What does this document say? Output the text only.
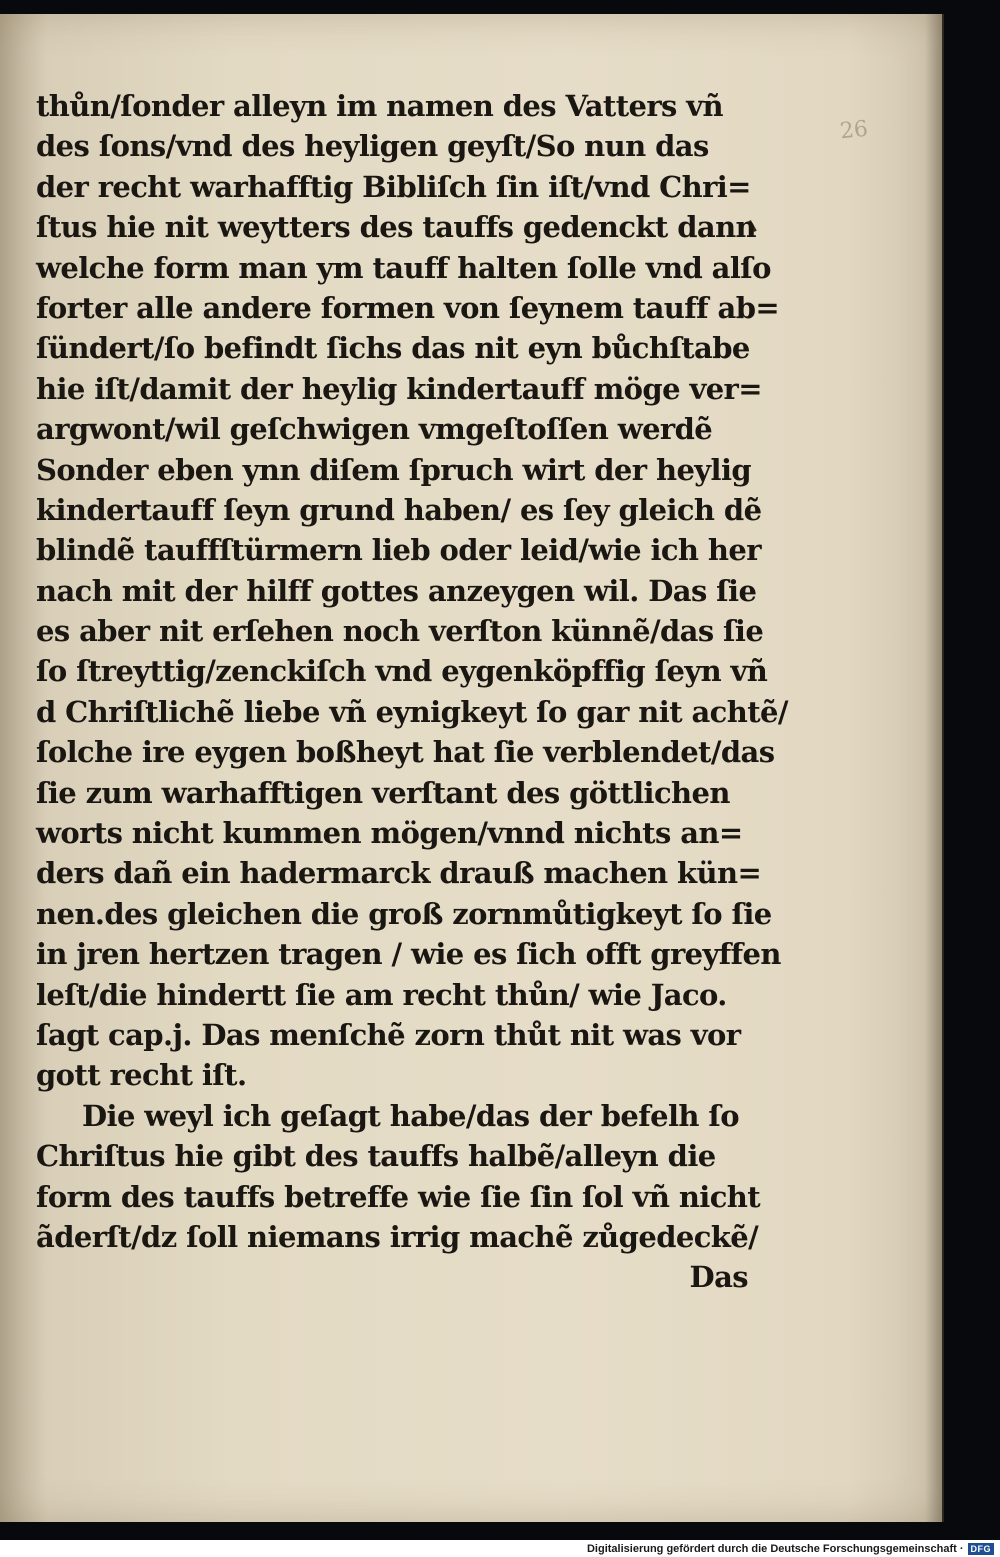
26
thůn/ſonder alleyn im namen des Vatters vñ
des ſons/vnd des heyligen geyſt/So nun das
der recht warhafftig Bibliſch ſin iſt/vnd Chri=
ſtus hie nit weytters des tauffs gedenckt dann
welche form man ym tauff halten ſolle vnd alſo
forter alle andere formen von ſeynem tauff ab=
ſündert/ſo befindt ſichs das nit eyn bůchſtabe
hie iſt/damit der heylig kindertauff möge ver=
argwont/wil geſchwigen vmgeſtoſſen werdẽ
Sonder eben ynn diſem ſpruch wirt der heylig
kindertauff ſeyn grund haben/ es ſey gleich dẽ
blindẽ tauffſtürmern lieb oder leid/wie ich her
nach mit der hilff gottes anzeygen wil. Das ſie
es aber nit erſehen noch verſton künnẽ/das ſie
ſo ſtreyttig/zenckiſch vnd eygenköpffig ſeyn vñ
d Chriſtlichẽ liebe vñ eynigkeyt ſo gar nit achtẽ/
ſolche ire eygen boßheyt hat ſie verblendet/das
ſie zum warhafftigen verſtant des göttlichen
worts nicht kummen mögen/vnnd nichts an=
ders dañ ein hadermarck drauß machen kün=
nen.des gleichen die groß zornmůtigkeyt ſo ſie
in jren hertzen tragen / wie es ſich offt greyffen
leſt/die hindertt ſie am recht thůn/ wie Jaco.
ſagt cap.j. Das menſchẽ zorn thůt nit was vor
gott recht iſt.
Die weyl ich geſagt habe/das der befelh ſo
Chriſtus hie gibt des tauffs halbẽ/alleyn die
form des tauffs betreffe wie ſie ſin ſol vñ nicht
ãderſt/dz ſoll niemans irrig machẽ zůgedeckẽ/
Das
Digitalisierung gefördert durch die Deutsche Forschungsgemeinschaft · DFG
